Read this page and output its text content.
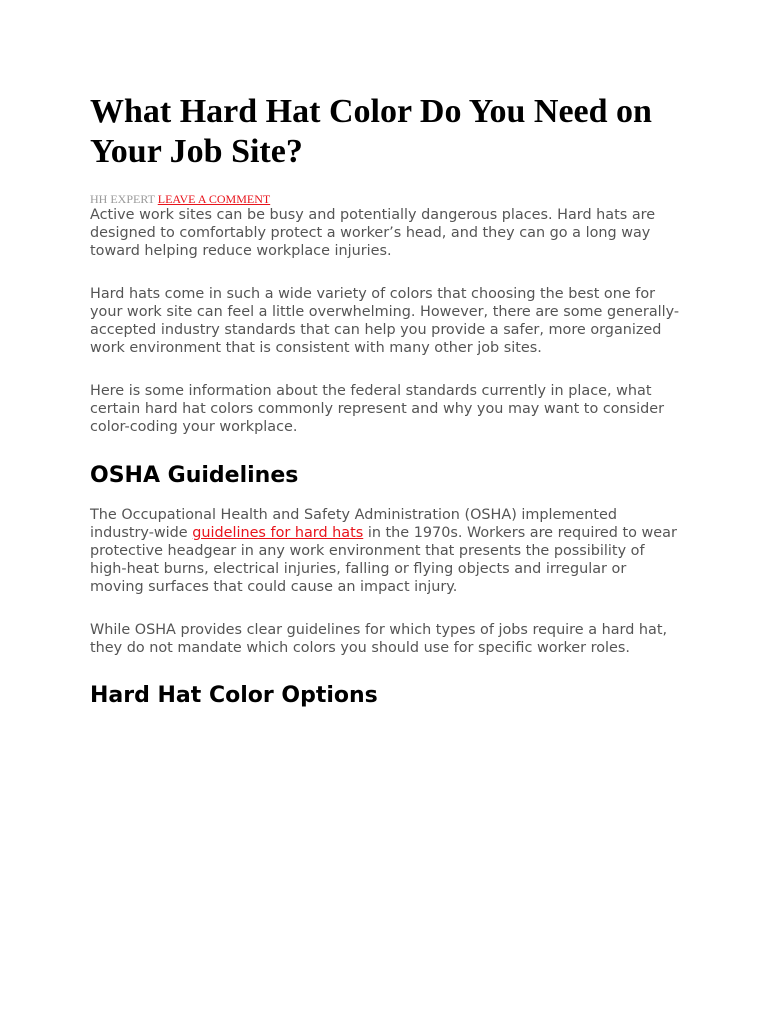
What Hard Hat Color Do You Need on Your Job Site?
HH EXPERT LEAVE A COMMENT

Active work sites can be busy and potentially dangerous places. Hard hats are designed to comfortably protect a worker’s head, and they can go a long way toward helping reduce workplace injuries.

Hard hats come in such a wide variety of colors that choosing the best one for your work site can feel a little overwhelming. However, there are some generally-accepted industry standards that can help you provide a safer, more organized work environment that is consistent with many other job sites.

Here is some information about the federal standards currently in place, what certain hard hat colors commonly represent and why you may want to consider color-coding your workplace.

OSHA Guidelines

The Occupational Health and Safety Administration (OSHA) implemented industry-wide guidelines for hard hats in the 1970s. Workers are required to wear protective headgear in any work environment that presents the possibility of high-heat burns, electrical injuries, falling or flying objects and irregular or moving surfaces that could cause an impact injury.

While OSHA provides clear guidelines for which types of jobs require a hard hat, they do not mandate which colors you should use for specific worker roles.

Hard Hat Color Options
